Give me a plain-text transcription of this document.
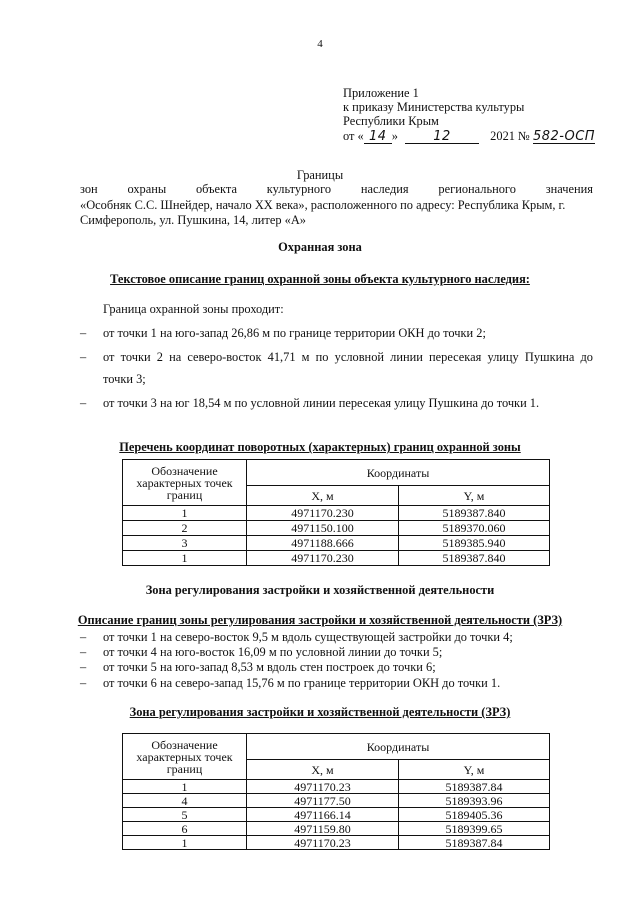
4
Приложение 1
к приказу Министерства культуры
Республики Крым
от « 14 »	12	2021 № 582-ОСП
Границы
зон охраны объекта культурного наследия регионального значения
«Особняк С.С. Шнейдер, начало XX века», расположенного по адресу: Республика Крым, г.
Симферополь, ул. Пушкина, 14, литер «А»
Охранная зона
Текстовое описание границ охранной зоны объекта культурного наследия:
Граница охранной зоны проходит:
– от точки 1 на юго-запад 26,86 м по границе территории ОКН до точки 2;
– от точки 2 на северо-восток 41,71 м по условной линии пересекая улицу Пушкина до
точки 3;
– от точки 3 на юг 18,54 м по условной линии пересекая улицу Пушкина до точки 1.
Перечень координат поворотных (характерных) границ охранной зоны
Обозначение характерных точек границ	Координаты	
	X, м	Y, м
1	4971170.230	5189387.840
2	4971150.100	5189370.060
3	4971188.666	5189385.940
1	4971170.230	5189387.840
Зона регулирования застройки и хозяйственной деятельности
Описание границ зоны регулирования застройки и хозяйственной деятельности (ЗРЗ)
– от точки 1 на северо-восток 9,5 м вдоль существующей застройки до точки 4;
– от точки 4 на юго-восток 16,09 м по условной линии до точки 5;
– от точки 5 на юго-запад 8,53 м вдоль стен построек до точки 6;
– от точки 6 на северо-запад 15,76 м по границе территории ОКН до точки 1.
Зона регулирования застройки и хозяйственной деятельности (ЗРЗ)
Обозначение характерных точек границ	Координаты	
	X, м	Y, м
1	4971170.23	5189387.84
4	4971177.50	5189393.96
5	4971166.14	5189405.36
6	4971159.80	5189399.65
1	4971170.23	5189387.84
